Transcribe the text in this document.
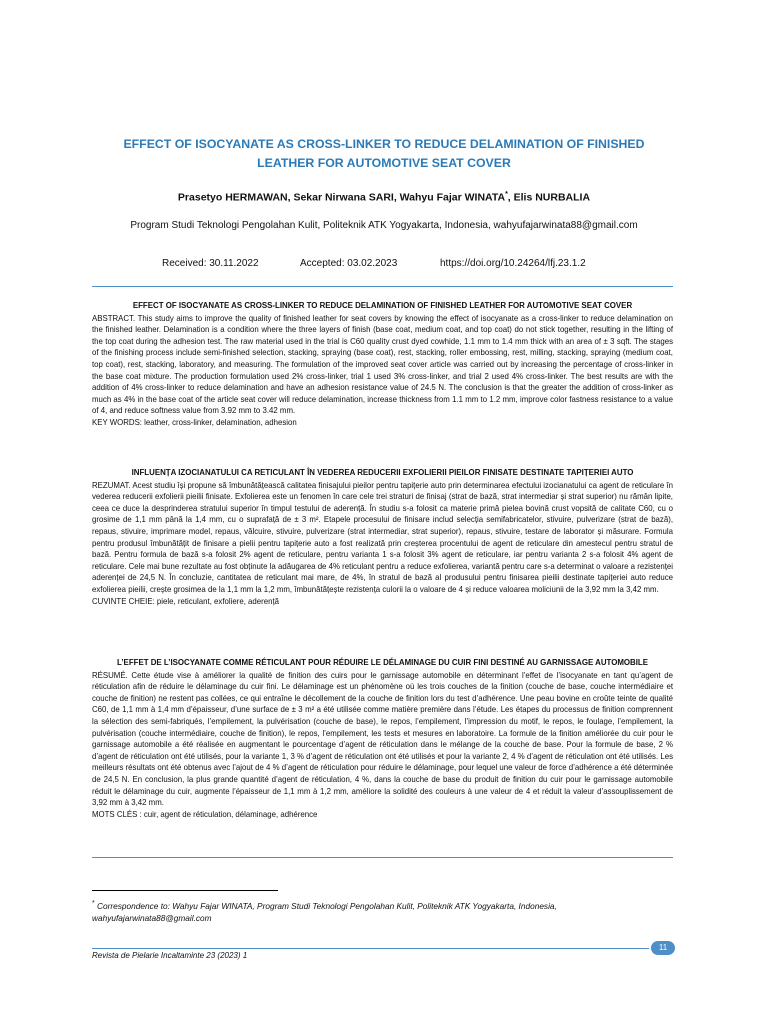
EFFECT OF ISOCYANATE AS CROSS-LINKER TO REDUCE DELAMINATION OF FINISHED
LEATHER FOR AUTOMOTIVE SEAT COVER
Prasetyo HERMAWAN, Sekar Nirwana SARI, Wahyu Fajar WINATA*, Elis NURBALIA
Program Studi Teknologi Pengolahan Kulit, Politeknik ATK Yogyakarta, Indonesia, wahyufajarwinata88@gmail.com
Received: 30.11.2022	Accepted: 03.02.2023	https://doi.org/10.24264/lfj.23.1.2
EFFECT OF ISOCYANATE AS CROSS-LINKER TO REDUCE DELAMINATION OF FINISHED LEATHER FOR AUTOMOTIVE SEAT COVER

ABSTRACT. This study aims to improve the quality of finished leather for seat covers by knowing the effect of isocyanate as a cross-linker to reduce delamination on the finished leather. Delamination is a condition where the three layers of finish (base coat, medium coat, and top coat) do not stick together, resulting in the lifting of the top coat during the adhesion test. The raw material used in the trial is C60 quality crust dyed cowhide, 1.1 mm to 1.4 mm thick with an area of ± 3 sqft. The stages of the finishing process include semi-finished selection, stacking, spraying (base coat), rest, stacking, roller embossing, rest, milling, stacking, spraying (medium coat, top coat), rest, stacking, laboratory, and measuring. The formulation of the improved seat cover article was carried out by increasing the percentage of cross-linker in the base coat mixture. The production formulation used 2% cross-linker, trial 1 used 3% cross-linker, and trial 2 used 4% cross-linker. The best results are with the addition of 4% cross-linker to reduce delamination and have an adhesion resistance value of 24.5 N. The conclusion is that the greater the addition of cross-linker as much as 4% in the base coat of the article seat cover will reduce delamination, increase thickness from 1.1 mm to 1.2 mm, improve color fastness resistance to a value of 4, and reduce softness value from 3.92 mm to 3.42 mm.

KEY WORDS: leather, cross-linker, delamination, adhesion

INFLUENȚA IZOCIANATULUI CA RETICULANT ÎN VEDEREA REDUCERII EXFOLIERII PIEILOR FINISATE DESTINATE TAPIȚERIEI AUTO

REZUMAT. Acest studiu își propune să îmbunătățească calitatea finisajului pieilor pentru tapițerie auto prin determinarea efectului izocianatului ca agent de reticulare în vederea reducerii exfolierii pieilii finisate. Exfolierea este un fenomen în care cele trei straturi de finisaj (strat de bază, strat intermediar și strat superior) nu rămân lipite, ceea ce duce la desprinderea stratului superior în timpul testului de aderență. În studiu s-a folosit ca materie primă pielea bovină crust vopsită de calitate C60, cu o grosime de 1,1 mm până la 1,4 mm, cu o suprafață de ± 3 m². Etapele procesului de finisare includ selecția semifabricatelor, stivuire, pulverizare (strat de bază), repaus, stivuire, imprimare model, repaus, vălcuire, stivuire, pulverizare (strat intermediar, strat superior), repaus, stivuire, testare de laborator și măsurare. Formula pentru produsul îmbunătățit de finisare a pielii pentru tapițerie auto a fost realizată prin creșterea procentului de agent de reticulare din amestecul pentru stratul de bază. Pentru formula de bază s-a folosit 2% agent de reticulare, pentru varianta 1 s-a folosit 3% agent de reticulare, iar pentru varianta 2 s-a folosit 4% agent de reticulare. Cele mai bune rezultate au fost obținute la adăugarea de 4% reticulant pentru a reduce exfolierea, variantă pentru care s-a determinat o valoare a rezistenței aderenței de 24,5 N. În concluzie, cantitatea de reticulant mai mare, de 4%, în stratul de bază al produsului pentru finisarea pieilii destinate tapițeriei auto reduce exfolierea pieilii, crește grosimea de la 1,1 mm la 1,2 mm, îmbunătățește rezistența culorii la o valoare de 4 și reduce valoarea moliciunii de la 3,92 mm la 3,42 mm.

CUVINTE CHEIE: piele, reticulant, exfoliere, aderență

L’EFFET DE L’ISOCYANATE COMME RÉTICULANT POUR RÉDUIRE LE DÉLAMINAGE DU CUIR FINI DESTINÉ AU GARNISSAGE AUTOMOBILE

RÉSUMÉ. Cette étude vise à améliorer la qualité de finition des cuirs pour le garnissage automobile en déterminant l’effet de l’isocyanate en tant qu’agent de réticulation afin de réduire le délaminage du cuir fini. Le délaminage est un phénomène où les trois couches de la finition (couche de base, couche intermédiaire et couche de finition) ne restent pas collées, ce qui entraîne le décollement de la couche de finition lors du test d’adhérence. Une peau bovine en croûte teinte de qualité C60, de 1,1 mm à 1,4 mm d’épaisseur, d’une surface de ± 3 m² a été utilisée comme matière première dans l’étude. Les étapes du processus de finition comprennent la sélection des semi-fabriqués, l’empilement, la pulvérisation (couche de base), le repos, l’empilement, l’impression du motif, le repos, le foulage, l’empilement, la pulvérisation (couche intermédiaire, couche de finition), le repos, l’empilement, les tests et mesures en laboratoire. La formule de la finition améliorée du cuir pour le garnissage automobile a été réalisée en augmentant le pourcentage d’agent de réticulation dans le mélange de la couche de base. Pour la formule de base, 2 % d’agent de réticulation ont été utilisés, pour la variante 1, 3 % d’agent de réticulation ont été utilisés et pour la variante 2, 4 % d’agent de réticulation ont été utilisés. Les meilleurs résultats ont été obtenus avec l’ajout de 4 % d’agent de réticulation pour réduire le délaminage, pour lequel une valeur de force d’adhérence a été déterminée de 24,5 N. En conclusion, la plus grande quantité d’agent de réticulation, 4 %, dans la couche de base du produit de finition du cuir pour le garnissage automobile réduit le délaminage du cuir, augmente l’épaisseur de 1,1 mm à 1,2 mm, améliore la solidité des couleurs à une valeur de 4 et réduit la valeur d’assouplissement de 3,92 mm à 3,42 mm.

MOTS CLÉS : cuir, agent de réticulation, délaminage, adhérence

* Correspondence to: Wahyu Fajar WINATA, Program Studi Teknologi Pengolahan Kulit, Politeknik ATK Yogyakarta, Indonesia, wahyufajarwinata88@gmail.com
11
Revista de Pielarie Incaltaminte 23 (2023) 1
